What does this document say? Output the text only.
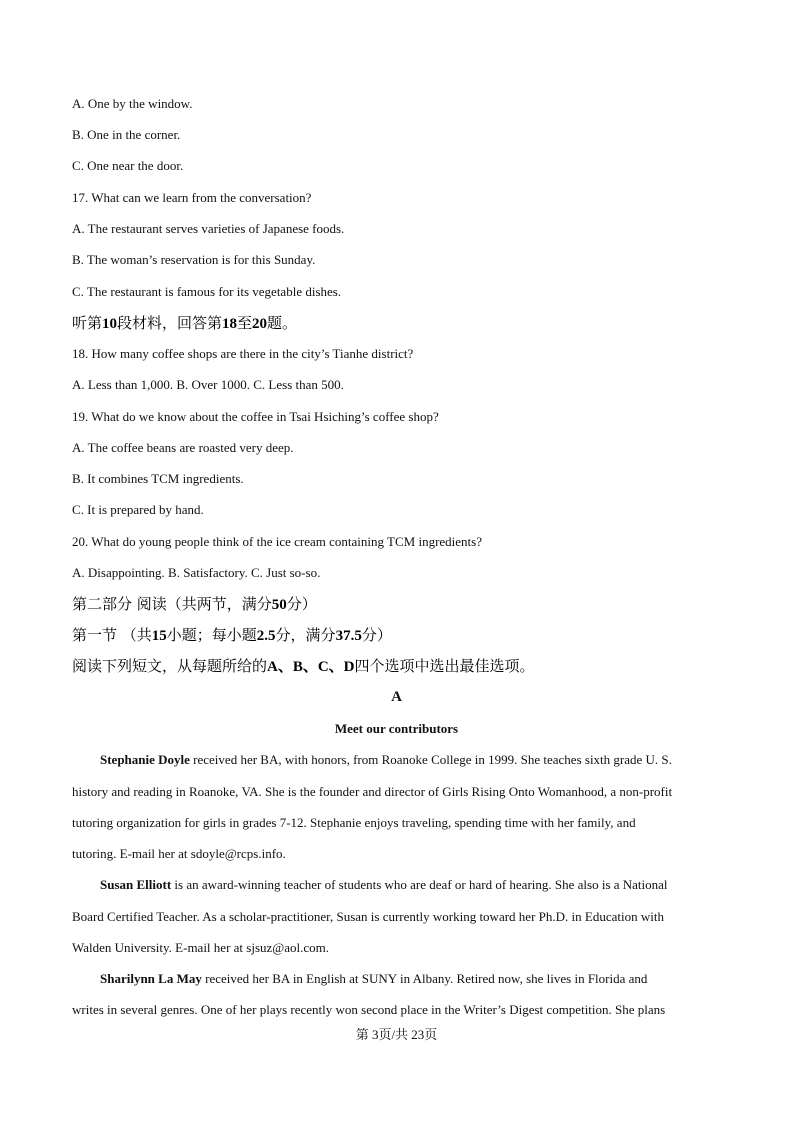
A. One by the window.
B. One in the corner.
C. One near the door.
17. What can we learn from the conversation?
A. The restaurant serves varieties of Japanese foods.
B. The woman’s reservation is for this Sunday.
C. The restaurant is famous for its vegetable dishes.
听第10段材料，回答第18至20题。
18. How many coffee shops are there in the city’s Tianhe district?
A. Less than 1,000. B. Over 1000. C. Less than 500.
19. What do we know about the coffee in Tsai Hsiching’s coffee shop?
A. The coffee beans are roasted very deep.
B. It combines TCM ingredients.
C. It is prepared by hand.
20. What do young people think of the ice cream containing TCM ingredients?
A. Disappointing. B. Satisfactory. C. Just so-so.
第二部分 阅读（共两节，满分50分）
第一节 （共15小题；每小题2.5分，满分37.5分）
阅读下列短文，从每题所给的A、B、C、D四个选项中选出最佳选项。
A
Meet our contributors
Stephanie Doyle received her BA, with honors, from Roanoke College in 1999. She teaches sixth grade U. S.
history and reading in Roanoke, VA. She is the founder and director of Girls Rising Onto Womanhood, a non-profit
tutoring organization for girls in grades 7-12. Stephanie enjoys traveling, spending time with her family, and
tutoring. E-mail her at sdoyle@rcps.info.
Susan Elliott is an award-winning teacher of students who are deaf or hard of hearing. She also is a National
Board Certified Teacher. As a scholar-practitioner, Susan is currently working toward her Ph.D. in Education with
Walden University. E-mail her at sjsuz@aol.com.
Sharilynn La May received her BA in English at SUNY in Albany. Retired now, she lives in Florida and
writes in several genres. One of her plays recently won second place in the Writer’s Digest competition. She plans
第 3页/共 23页
